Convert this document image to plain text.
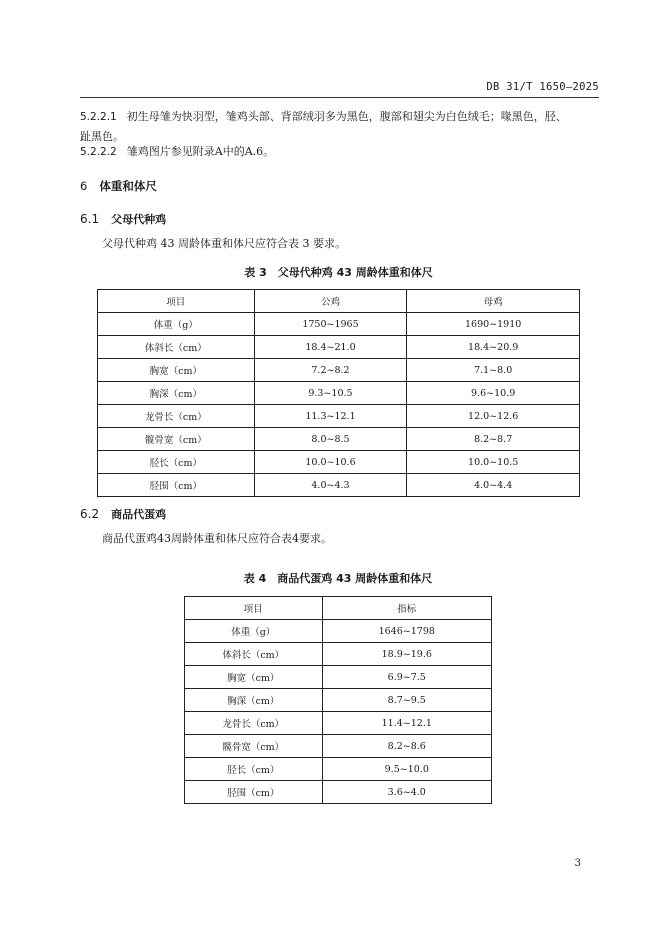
DB 31/T 1650—2025
5.2.2.1 初生母雏为快羽型，雏鸡头部、背部绒羽多为黑色，腹部和翅尖为白色绒毛；喙黑色，胫、
趾黑色。
5.2.2.2 雏鸡图片参见附录A中的A.6。
6 体重和体尺
6.1 父母代种鸡
父母代种鸡 43 周龄体重和体尺应符合表 3 要求。
表 3　父母代种鸡 43 周龄体重和体尺
项目	公鸡	母鸡
体重（g）	1750~1965	1690~1910
体斜长（cm）	18.4~21.0	18.4~20.9
胸宽（cm）	7.2~8.2	7.1~8.0
胸深（cm）	9.3~10.5	9.6~10.9
龙骨长（cm）	11.3~12.1	12.0~12.6
髋骨宽（cm）	8.0~8.5	8.2~8.7
胫长（cm）	10.0~10.6	10.0~10.5
胫围（cm）	4.0~4.3	4.0~4.4
6.2 商品代蛋鸡
商品代蛋鸡43周龄体重和体尺应符合表4要求。
表 4　商品代蛋鸡 43 周龄体重和体尺
项目	指标
体重（g）	1646~1798
体斜长（cm）	18.9~19.6
胸宽（cm）	6.9~7.5
胸深（cm）	8.7~9.5
龙骨长（cm）	11.4~12.1
髋骨宽（cm）	8.2~8.6
胫长（cm）	9.5~10.0
胫围（cm）	3.6~4.0
3
